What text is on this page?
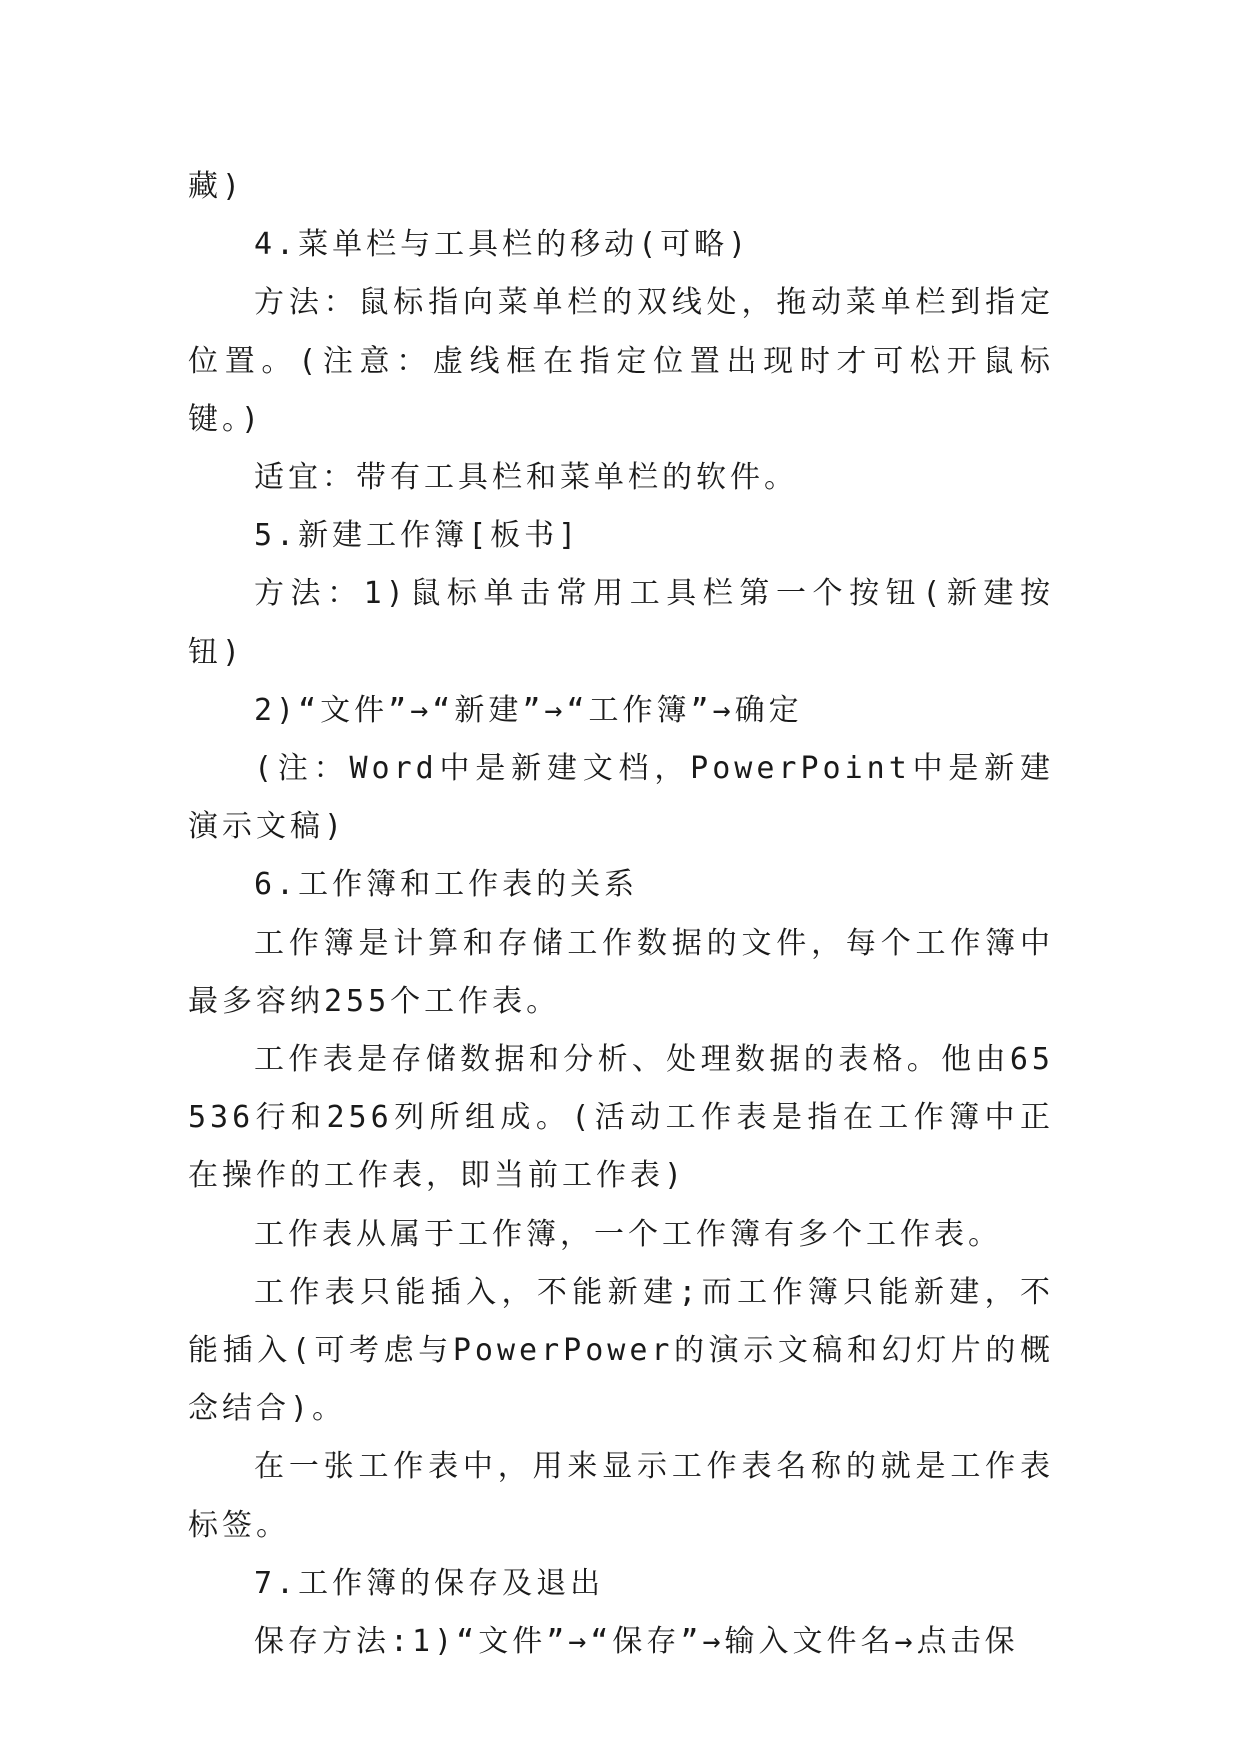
藏)

4.菜单栏与工具栏的移动(可略)

方法：鼠标指向菜单栏的双线处，拖动菜单栏到指定位置。(注意：虚线框在指定位置出现时才可松开鼠标键。)

适宜：带有工具栏和菜单栏的软件。

5.新建工作簿[板书]

方法：1)鼠标单击常用工具栏第一个按钮(新建按钮)

2)“文件”→“新建”→“工作簿”→确定

(注：Word中是新建文档，PowerPoint中是新建演示文稿)

6.工作簿和工作表的关系

工作簿是计算和存储工作数据的文件，每个工作簿中最多容纳255个工作表。

工作表是存储数据和分析、处理数据的表格。他由65536行和256列所组成。(活动工作表是指在工作簿中正在操作的工作表，即当前工作表)

工作表从属于工作簿，一个工作簿有多个工作表。

工作表只能插入，不能新建;而工作簿只能新建，不能插入(可考虑与PowerPower的演示文稿和幻灯片的概念结合)。

在一张工作表中，用来显示工作表名称的就是工作表标签。

7.工作簿的保存及退出

保存方法:1)“文件”→“保存”→输入文件名→点击保
